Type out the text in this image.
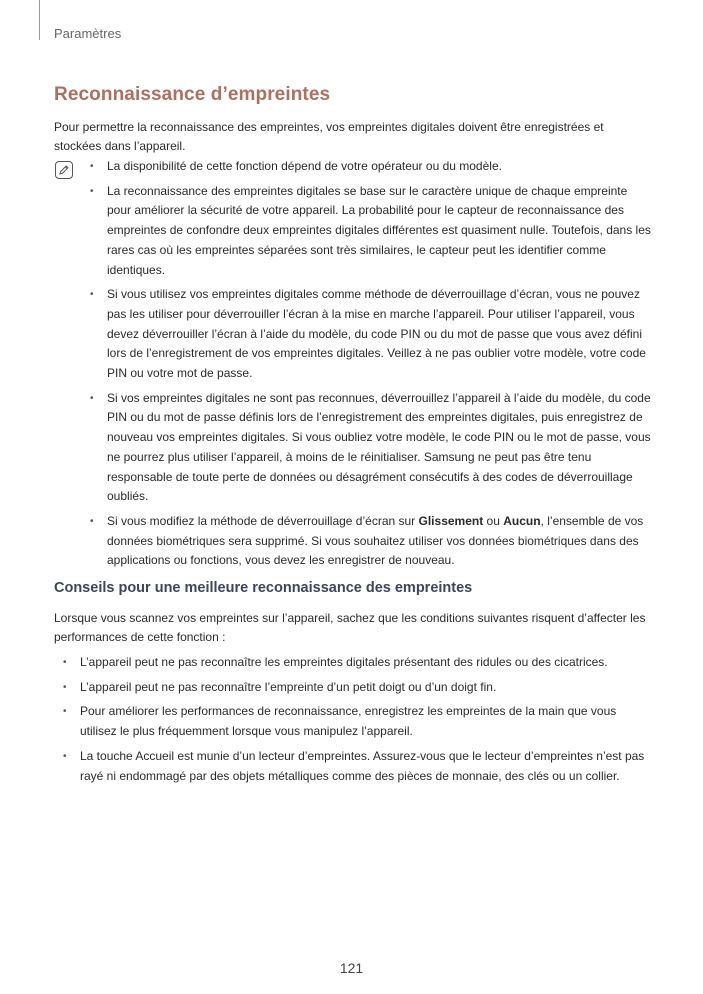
Paramètres
Reconnaissance d’empreintes
Pour permettre la reconnaissance des empreintes, vos empreintes digitales doivent être enregistrées et stockées dans l’appareil.
• La disponibilité de cette fonction dépend de votre opérateur ou du modèle.
• La reconnaissance des empreintes digitales se base sur le caractère unique de chaque empreinte pour améliorer la sécurité de votre appareil. La probabilité pour le capteur de reconnaissance des empreintes de confondre deux empreintes digitales différentes est quasiment nulle. Toutefois, dans les rares cas où les empreintes séparées sont très similaires, le capteur peut les identifier comme identiques.
• Si vous utilisez vos empreintes digitales comme méthode de déverrouillage d’écran, vous ne pouvez pas les utiliser pour déverrouiller l’écran à la mise en marche l’appareil. Pour utiliser l’appareil, vous devez déverrouiller l’écran à l’aide du modèle, du code PIN ou du mot de passe que vous avez défini lors de l’enregistrement de vos empreintes digitales. Veillez à ne pas oublier votre modèle, votre code PIN ou votre mot de passe.
• Si vos empreintes digitales ne sont pas reconnues, déverrouillez l’appareil à l’aide du modèle, du code PIN ou du mot de passe définis lors de l’enregistrement des empreintes digitales, puis enregistrez de nouveau vos empreintes digitales. Si vous oubliez votre modèle, le code PIN ou le mot de passe, vous ne pourrez plus utiliser l’appareil, à moins de le réinitialiser. Samsung ne peut pas être tenu responsable de toute perte de données ou désagrément consécutifs à des codes de déverrouillage oubliés.
• Si vous modifiez la méthode de déverrouillage d’écran sur Glissement ou Aucun, l’ensemble de vos données biométriques sera supprimé. Si vous souhaitez utiliser vos données biométriques dans des applications ou fonctions, vous devez les enregistrer de nouveau.
Conseils pour une meilleure reconnaissance des empreintes
Lorsque vous scannez vos empreintes sur l’appareil, sachez que les conditions suivantes risquent d’affecter les performances de cette fonction :
• L’appareil peut ne pas reconnaître les empreintes digitales présentant des ridules ou des cicatrices.
• L’appareil peut ne pas reconnaître l’empreinte d’un petit doigt ou d’un doigt fin.
• Pour améliorer les performances de reconnaissance, enregistrez les empreintes de la main que vous utilisez le plus fréquemment lorsque vous manipulez l’appareil.
• La touche Accueil est munie d’un lecteur d’empreintes. Assurez-vous que le lecteur d’empreintes n’est pas rayé ni endommagé par des objets métalliques comme des pièces de monnaie, des clés ou un collier.
121
